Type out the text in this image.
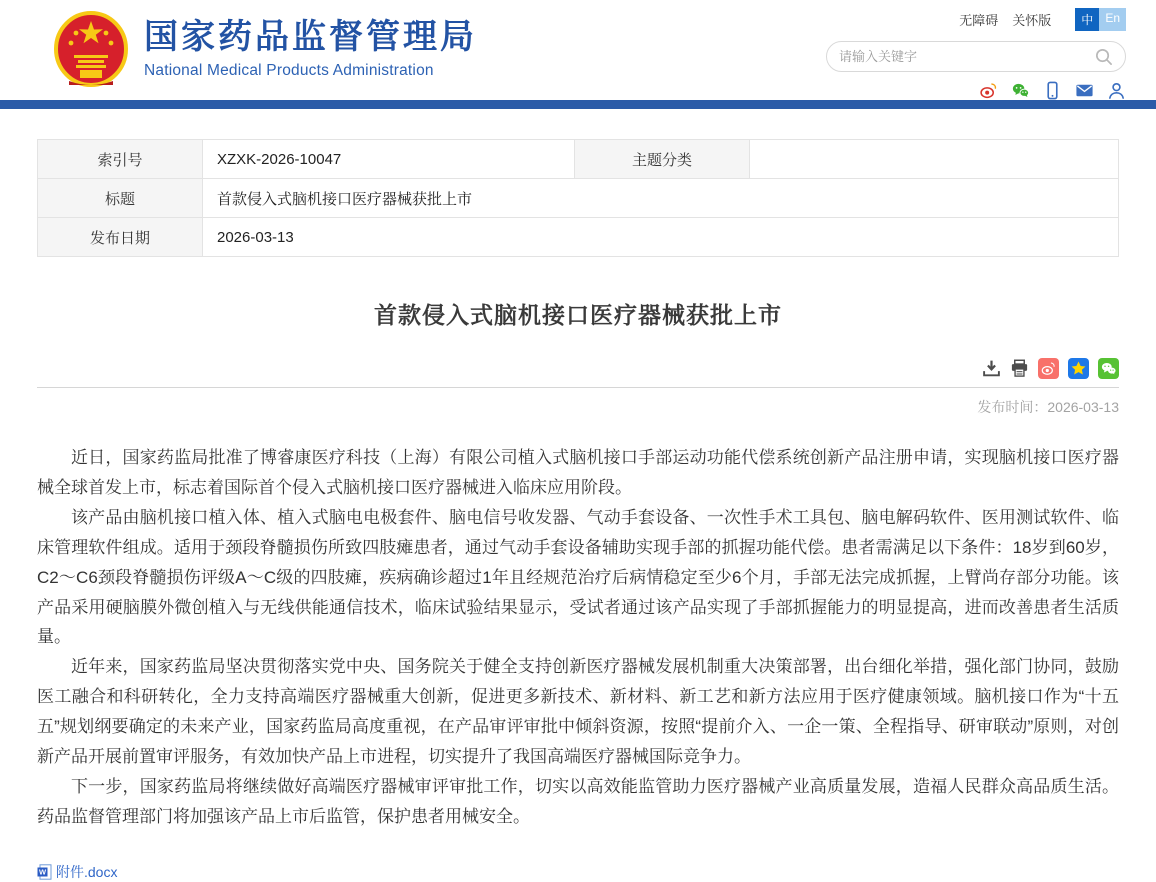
国家药品监督管理局
National Medical Products Administration
无障碍 关怀版	中	En
请输入关键字
索引号	XZXK-2026-10047	主题分类	
标题	首款侵入式脑机接口医疗器械获批上市		
发布日期	2026-03-13		
首款侵入式脑机接口医疗器械获批上市
发布时间：2026-03-13

近日，国家药监局批准了博睿康医疗科技（上海）有限公司植入式脑机接口手部运动功能代偿系统创新产品注册申请，实现脑机接口医疗器械全球首发上市，标志着国际首个侵入式脑机接口医疗器械进入临床应用阶段。

该产品由脑机接口植入体、植入式脑电电极套件、脑电信号收发器、气动手套设备、一次性手术工具包、脑电解码软件、医用测试软件、临床管理软件组成。适用于颈段脊髓损伤所致四肢瘫患者，通过气动手套设备辅助实现手部的抓握功能代偿。患者需满足以下条件：18岁到60岁，C2～C6颈段脊髓损伤评级A～C级的四肢瘫，疾病确诊超过1年且经规范治疗后病情稳定至少6个月，手部无法完成抓握，上臂尚存部分功能。该产品采用硬脑膜外微创植入与无线供能通信技术，临床试验结果显示，受试者通过该产品实现了手部抓握能力的明显提高，进而改善患者生活质量。

近年来，国家药监局坚决贯彻落实党中央、国务院关于健全支持创新医疗器械发展机制重大决策部署，出台细化举措，强化部门协同，鼓励医工融合和科研转化，全力支持高端医疗器械重大创新，促进更多新技术、新材料、新工艺和新方法应用于医疗健康领域。脑机接口作为“十五五”规划纲要确定的未来产业，国家药监局高度重视，在产品审评审批中倾斜资源，按照“提前介入、一企一策、全程指导、研审联动”原则，对创新产品开展前置审评服务，有效加快产品上市进程，切实提升了我国高端医疗器械国际竞争力。

下一步，国家药监局将继续做好高端医疗器械审评审批工作，切实以高效能监管助力医疗器械产业高质量发展，造福人民群众高品质生活。药品监督管理部门将加强该产品上市后监管，保护患者用械安全。

W 附件.docx
